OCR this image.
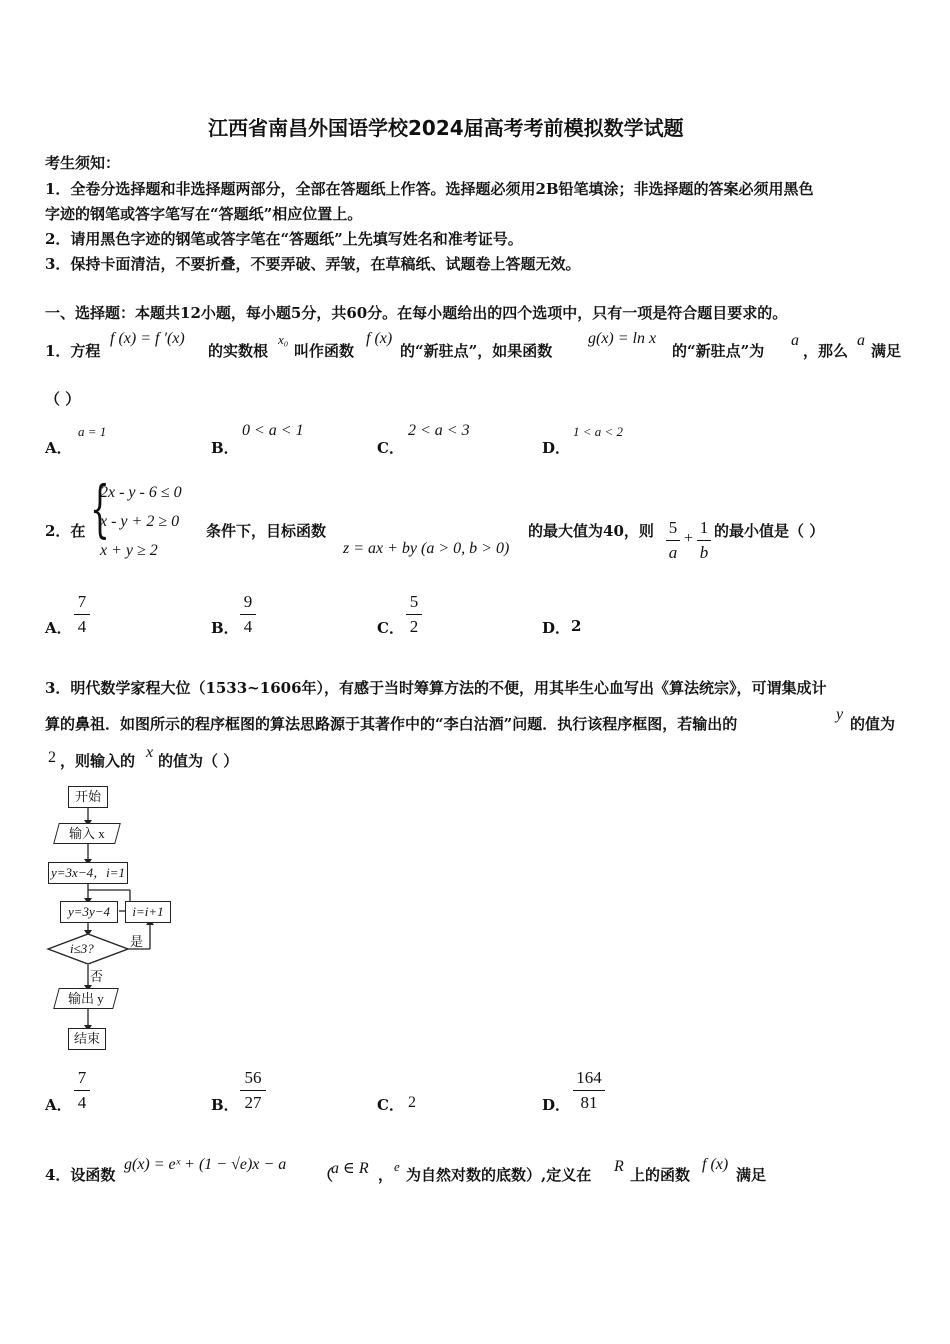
江西省南昌外国语学校2024届高考考前模拟数学试题
考生须知：
1．全卷分选择题和非选择题两部分，全部在答题纸上作答。选择题必须用2B铅笔填涂；非选择题的答案必须用黑色
字迹的钢笔或答字笔写在“答题纸”相应位置上。
2．请用黑色字迹的钢笔或答字笔在“答题纸”上先填写姓名和准考证号。
3．保持卡面清洁，不要折叠，不要弄破、弄皱，在草稿纸、试题卷上答题无效。
一、选择题：本题共12小题，每小题5分，共60分。在每小题给出的四个选项中，只有一项是符合题目要求的。
1．方程
f (x) = f ′(x)
的实数根
x₀
叫作函数
f (x)
的“新驻点”，如果函数
g(x) = ln x
的“新驻点”为
a
，那么
a
满足
（ ）
A．
a = 1
B．
0 < a < 1
C．
2 < a < 3
D．
1 < a < 2
2．在 {
2x - y - 6 ≤ 0
x - y + 2 ≥ 0
x + y ≥ 2
条件下，目标函数
z = ax + by (a > 0, b > 0)
的最大值为40，则 5
a
+
1
b
的最小值是（ ）
A．
7
4	B．
9
4	C．
5
2	D． 2
3．明代数学家程大位（1533~1606年），有感于当时筹算方法的不便，用其毕生心血写出《算法统宗》，可谓集成计
算的鼻祖．如图所示的程序框图的算法思路源于其著作中的“李白沽酒”问题．执行该程序框图，若输出的
y
的值为
2 ，则输入的 x 的值为（ ）
开始
输入 x
y=3x−4，i=1
y=3y−4	i=i+1
i≤3?	是
否
输出 y
结束
A．
7
4	B．
56
27	C． 2	D．
164
81
4．设函数
g(x) = eˣ + (1 − √e)x − a
（
a ∈ R ， e 为自然对数的底数）,定义在 R 上的函数
f (x)
满足
